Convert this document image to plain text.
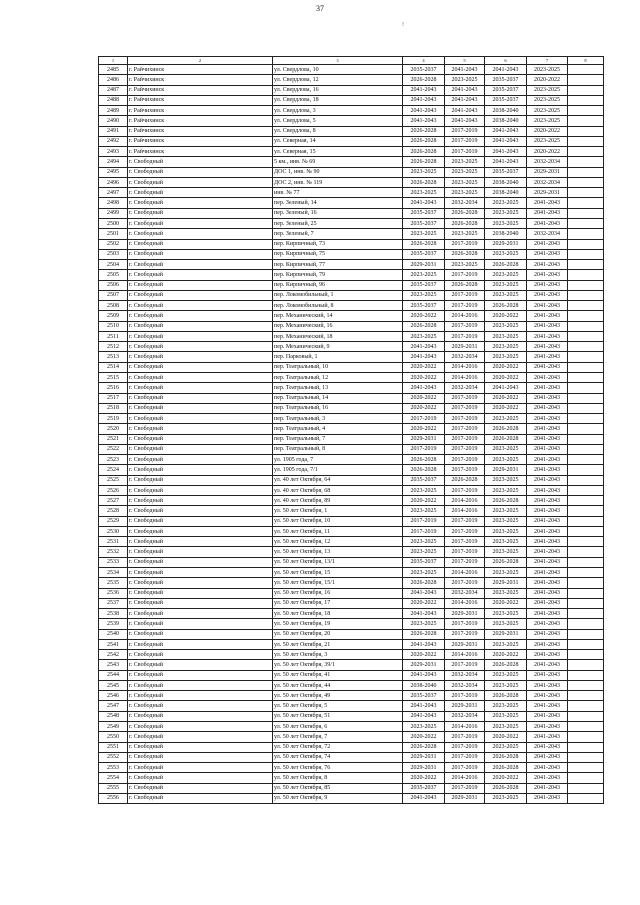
37
!
1	2	3	4	5	6	7	8
2485	г. Райчихинск	ул. Свердлова, 10	2035-2037	2041-2043	2041-2043	2023-2025	
2486	г. Райчихинск	ул. Свердлова, 12	2026-2028	2023-2025	2035-2037	2020-2022	
2487	г. Райчихинск	ул. Свердлова, 16	2041-2043	2041-2043	2035-2037	2023-2025	
2488	г. Райчихинск	ул. Свердлова, 18	2041-2043	2041-2043	2035-2037	2023-2025	
2489	г. Райчихинск	ул. Свердлова, 3	2041-2043	2041-2043	2038-2040	2023-2025	
2490	г. Райчихинск	ул. Свердлова, 5	2041-2043	2041-2043	2038-2040	2023-2025	
2491	г. Райчихинск	ул. Свердлова, 8	2026-2028	2017-2019	2041-2043	2020-2022	
2492	г. Райчихинск	ул. Северная, 14	2026-2028	2017-2019	2041-2043	2023-2025	
2493	г. Райчихинск	ул. Северная, 15	2026-2028	2017-2019	2041-2043	2020-2022	
2494	г. Свободный	5 км., инв. № 69	2026-2028	2023-2025	2041-2043	2032-2034	
2495	г. Свободный	ДОС 1, инв. № 90	2023-2025	2023-2025	2035-2037	2029-2031	
2496	г. Свободный	ДОС 2, инв. № 119	2026-2028	2023-2025	2038-2040	2032-2034	
2497	г. Свободный	инв. № 77	2023-2025	2023-2025	2038-2040	2029-2031	
2498	г. Свободный	пер. Зеленый, 14	2041-2043	2032-2034	2023-2025	2041-2043	
2499	г. Свободный	пер. Зеленый, 16	2035-2037	2026-2028	2023-2025	2041-2043	
2500	г. Свободный	пер. Зеленый, 25	2035-2037	2026-2028	2023-2025	2041-2043	
2501	г. Свободный	пер. Зеленый, 7	2023-2025	2023-2025	2038-2040	2032-2034	
2502	г. Свободный	пер. Кирпичный, 73	2026-2028	2017-2019	2029-2031	2041-2043	
2503	г. Свободный	пер. Кирпичный, 75	2035-2037	2026-2028	2023-2025	2041-2043	
2504	г. Свободный	пер. Кирпичный, 77	2029-2031	2023-2025	2026-2028	2041-2043	
2505	г. Свободный	пер. Кирпичный, 79	2023-2025	2017-2019	2023-2025	2041-2043	
2506	г. Свободный	пер. Кирпичный, 96	2035-2037	2026-2028	2023-2025	2041-2043	
2507	г. Свободный	пер. Локомобильный, 1	2023-2025	2017-2019	2023-2025	2041-2043	
2508	г. Свободный	пер. Локомобильный, 8	2035-2037	2017-2019	2026-2028	2041-2043	
2509	г. Свободный	пер. Механический, 14	2020-2022	2014-2016	2020-2022	2041-2043	
2510	г. Свободный	пер. Механический, 16	2026-2028	2017-2019	2023-2025	2041-2043	
2511	г. Свободный	пер. Механический, 18	2023-2025	2017-2019	2023-2025	2041-2043	
2512	г. Свободный	пер. Механический, 9	2041-2043	2029-2031	2023-2025	2041-2043	
2513	г. Свободный	пер. Парковый, 1	2041-2043	2032-2034	2023-2025	2041-2043	
2514	г. Свободный	пер. Театральный, 10	2020-2022	2014-2016	2020-2022	2041-2043	
2515	г. Свободный	пер. Театральный, 12	2020-2022	2014-2016	2020-2022	2041-2043	
2516	г. Свободный	пер. Театральный, 13	2041-2043	2032-2034	2041-2043	2041-2043	
2517	г. Свободный	пер. Театральный, 14	2020-2022	2017-2019	2020-2022	2041-2043	
2518	г. Свободный	пер. Театральный, 16	2020-2022	2017-2019	2020-2022	2041-2043	
2519	г. Свободный	пер. Театральный, 3	2017-2019	2017-2019	2023-2025	2041-2043	
2520	г. Свободный	пер. Театральный, 4	2020-2022	2017-2019	2026-2028	2041-2043	
2521	г. Свободный	пер. Театральный, 7	2029-2031	2017-2019	2026-2028	2041-2043	
2522	г. Свободный	пер. Театральный, 8	2017-2019	2017-2019	2023-2025	2041-2043	
2523	г. Свободный	ул. 1905 года, 7	2026-2028	2017-2019	2023-2025	2041-2043	
2524	г. Свободный	ул. 1905 года, 7/1	2026-2028	2017-2019	2029-2031	2041-2043	
2525	г. Свободный	ул. 40 лет Октября, 64	2035-2037	2026-2028	2023-2025	2041-2043	
2526	г. Свободный	ул. 40 лет Октября, 68	2023-2025	2017-2019	2023-2025	2041-2043	
2527	г. Свободный	ул. 40 лет Октября, 89	2020-2022	2014-2016	2026-2028	2041-2043	
2528	г. Свободный	ул. 50 лет Октября, 1	2023-2025	2014-2016	2023-2025	2041-2043	
2529	г. Свободный	ул. 50 лет Октября, 10	2017-2019	2017-2019	2023-2025	2041-2043	
2530	г. Свободный	ул. 50 лет Октября, 11	2017-2019	2017-2019	2023-2025	2041-2043	
2531	г. Свободный	ул. 50 лет Октября, 12	2023-2025	2017-2019	2023-2025	2041-2043	
2532	г. Свободный	ул. 50 лет Октября, 13	2023-2025	2017-2019	2023-2025	2041-2043	
2533	г. Свободный	ул. 50 лет Октября, 13/1	2035-2037	2017-2019	2026-2028	2041-2043	
2534	г. Свободный	ул. 50 лет Октября, 15	2023-2025	2014-2016	2023-2025	2041-2043	
2535	г. Свободный	ул. 50 лет Октября, 15/1	2026-2028	2017-2019	2029-2031	2041-2043	
2536	г. Свободный	ул. 50 лет Октября, 16	2041-2043	2032-2034	2023-2025	2041-2043	
2537	г. Свободный	ул. 50 лет Октября, 17	2020-2022	2014-2016	2020-2022	2041-2043	
2538	г. Свободный	ул. 50 лет Октября, 18	2041-2043	2029-2031	2023-2025	2041-2043	
2539	г. Свободный	ул. 50 лет Октября, 19	2023-2025	2017-2019	2023-2025	2041-2043	
2540	г. Свободный	ул. 50 лет Октября, 20	2026-2028	2017-2019	2029-2031	2041-2043	
2541	г. Свободный	ул. 50 лет Октября, 21	2041-2043	2029-2031	2023-2025	2041-2043	
2542	г. Свободный	ул. 50 лет Октября, 3	2020-2022	2014-2016	2020-2022	2041-2043	
2543	г. Свободный	ул. 50 лет Октября, 39/1	2029-2031	2017-2019	2026-2028	2041-2043	
2544	г. Свободный	ул. 50 лет Октября, 41	2041-2043	2032-2034	2023-2025	2041-2043	
2545	г. Свободный	ул. 50 лет Октября, 44	2038-2040	2032-2034	2023-2025	2041-2043	
2546	г. Свободный	ул. 50 лет Октября, 49	2035-2037	2017-2019	2026-2028	2041-2043	
2547	г. Свободный	ул. 50 лет Октября, 5	2041-2043	2029-2031	2023-2025	2041-2043	
2548	г. Свободный	ул. 50 лет Октября, 51	2041-2043	2032-2034	2023-2025	2041-2043	
2549	г. Свободный	ул. 50 лет Октября, 6	2023-2025	2014-2016	2023-2025	2041-2043	
2550	г. Свободный	ул. 50 лет Октября, 7	2020-2022	2017-2019	2020-2022	2041-2043	
2551	г. Свободный	ул. 50 лет Октября, 72	2026-2028	2017-2019	2023-2025	2041-2043	
2552	г. Свободный	ул. 50 лет Октября, 74	2029-2031	2017-2019	2026-2028	2041-2043	
2553	г. Свободный	ул. 50 лет Октября, 76	2029-2031	2017-2019	2026-2028	2041-2043	
2554	г. Свободный	ул. 50 лет Октября, 8	2020-2022	2014-2016	2020-2022	2041-2043	
2555	г. Свободный	ул. 50 лет Октября, 85	2035-2037	2017-2019	2026-2028	2041-2043	
2556	г. Свободный	ул. 50 лет Октября, 9	2041-2043	2029-2031	2023-2025	2041-2043	
